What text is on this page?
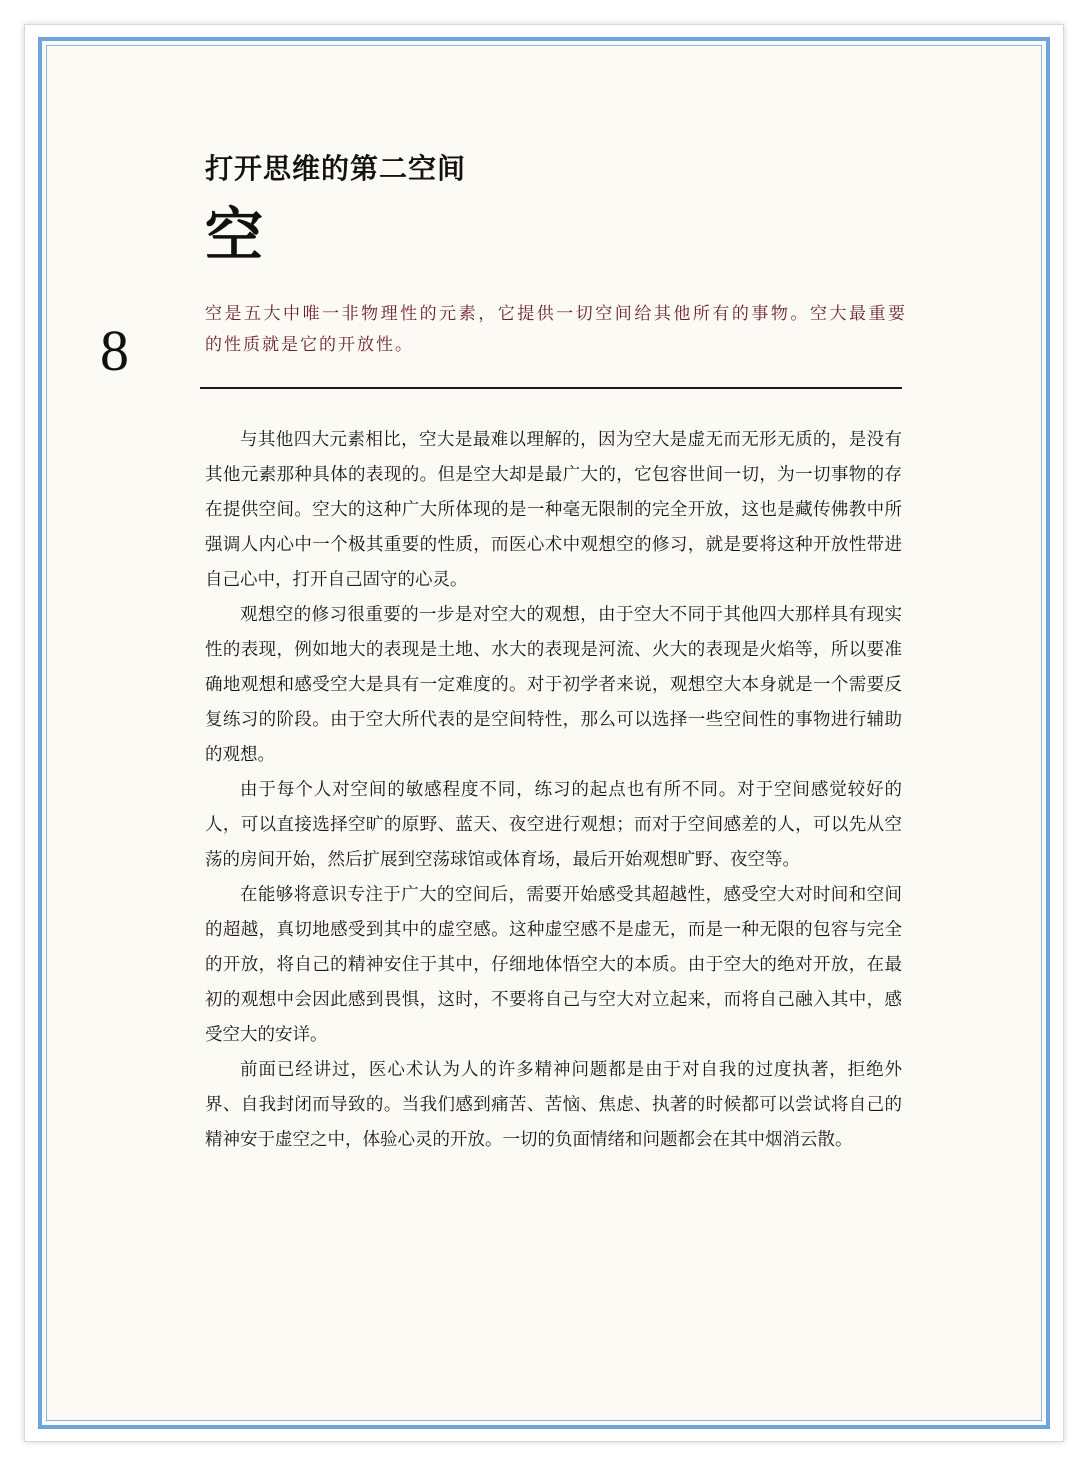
打开思维的第二空间
空
8
空是五大中唯一非物理性的元素，它提供一切空间给其他所有的事物。空大最重要的性质就是它的开放性。

与其他四大元素相比，空大是最难以理解的，因为空大是虚无而无形无质的，是没有其他元素那种具体的表现的。但是空大却是最广大的，它包容世间一切，为一切事物的存在提供空间。空大的这种广大所体现的是一种毫无限制的完全开放，这也是藏传佛教中所强调人内心中一个极其重要的性质，而医心术中观想空的修习，就是要将这种开放性带进自己心中，打开自己固守的心灵。

观想空的修习很重要的一步是对空大的观想，由于空大不同于其他四大那样具有现实性的表现，例如地大的表现是土地、水大的表现是河流、火大的表现是火焰等，所以要准确地观想和感受空大是具有一定难度的。对于初学者来说，观想空大本身就是一个需要反复练习的阶段。由于空大所代表的是空间特性，那么可以选择一些空间性的事物进行辅助的观想。

由于每个人对空间的敏感程度不同，练习的起点也有所不同。对于空间感觉较好的人，可以直接选择空旷的原野、蓝天、夜空进行观想；而对于空间感差的人，可以先从空荡的房间开始，然后扩展到空荡球馆或体育场，最后开始观想旷野、夜空等。

在能够将意识专注于广大的空间后，需要开始感受其超越性，感受空大对时间和空间的超越，真切地感受到其中的虚空感。这种虚空感不是虚无，而是一种无限的包容与完全的开放，将自己的精神安住于其中，仔细地体悟空大的本质。由于空大的绝对开放，在最初的观想中会因此感到畏惧，这时，不要将自己与空大对立起来，而将自己融入其中，感受空大的安详。

前面已经讲过，医心术认为人的许多精神问题都是由于对自我的过度执著，拒绝外界、自我封闭而导致的。当我们感到痛苦、苦恼、焦虑、执著的时候都可以尝试将自己的精神安于虚空之中，体验心灵的开放。一切的负面情绪和问题都会在其中烟消云散。
